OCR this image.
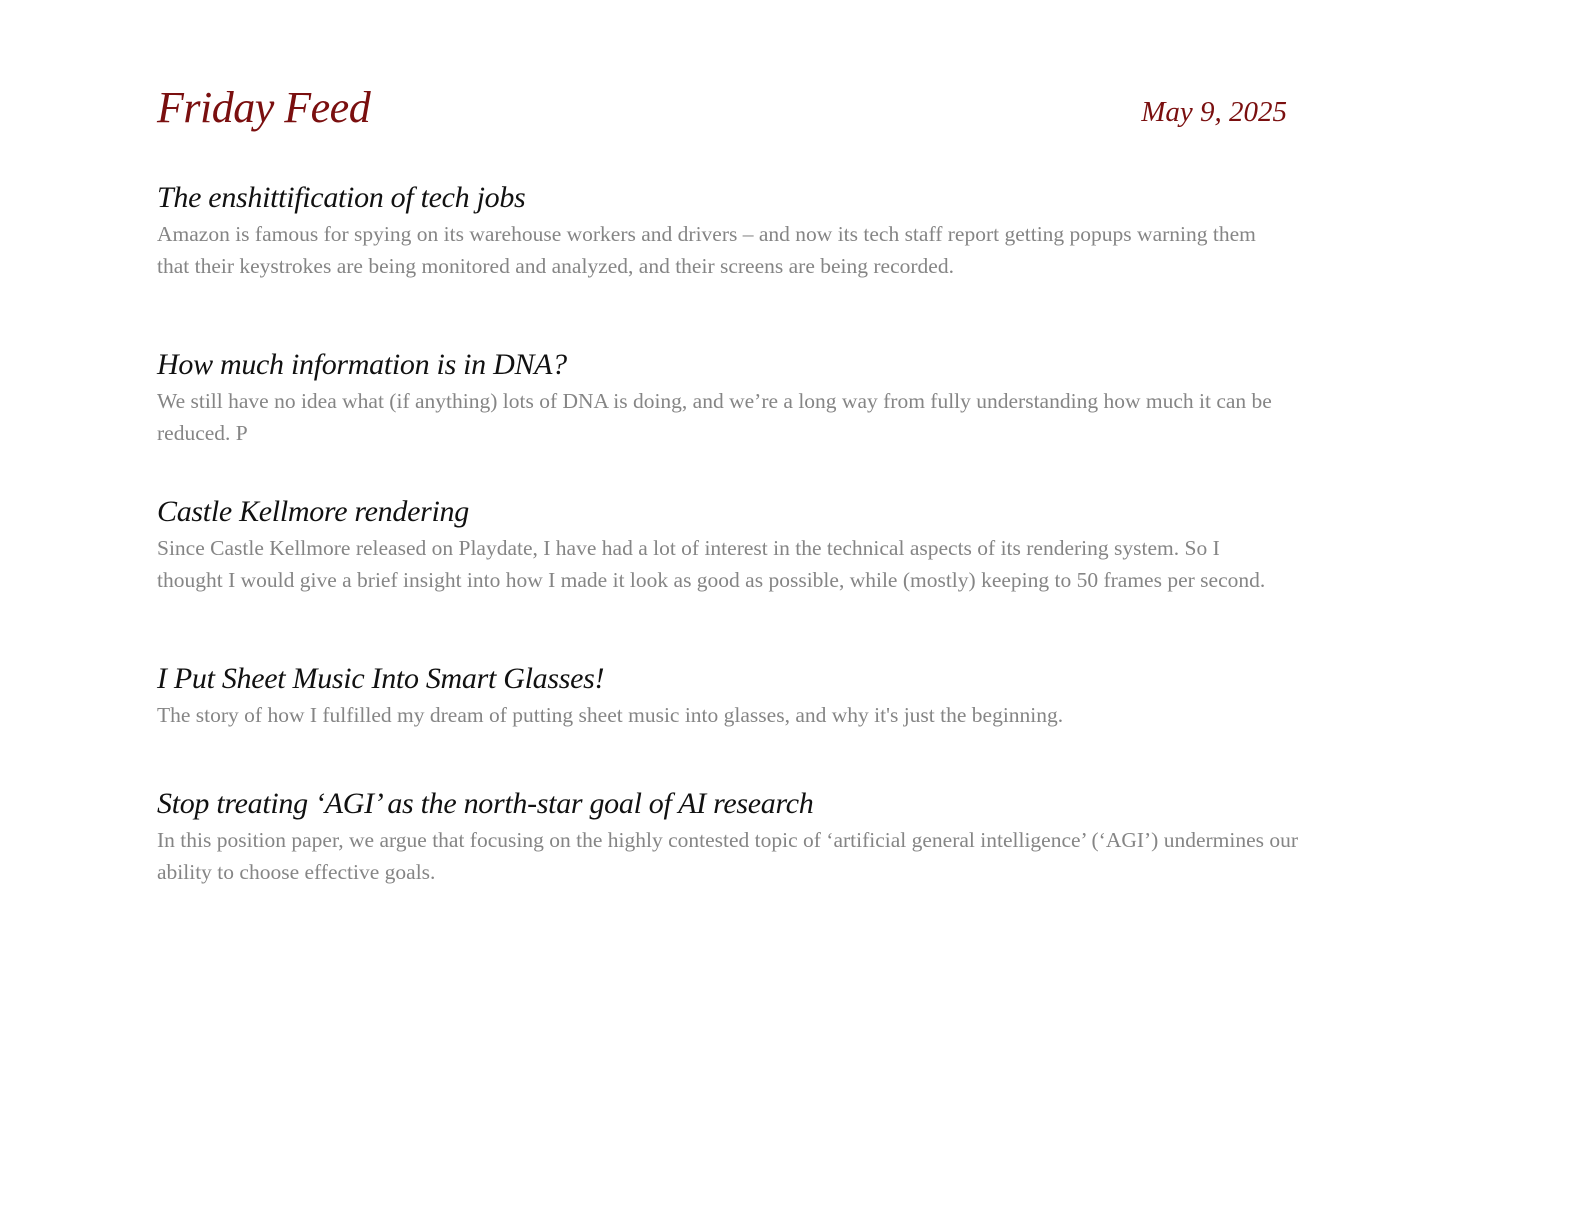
Friday Feed	May 9, 2025
The enshittification of tech jobs

Amazon is famous for spying on its warehouse workers and drivers – and now its tech staff report getting popups warning them that their keystrokes are being monitored and analyzed, and their screens are being recorded.

How much information is in DNA?

We still have no idea what (if anything) lots of DNA is doing, and we’re a long way from fully understanding how much it can be reduced. P

Castle Kellmore rendering

Since Castle Kellmore released on Playdate, I have had a lot of interest in the technical aspects of its rendering system. So I thought I would give a brief insight into how I made it look as good as possible, while (mostly) keeping to 50 frames per second.

I Put Sheet Music Into Smart Glasses!

The story of how I fulfilled my dream of putting sheet music into glasses, and why it's just the beginning.

Stop treating ‘AGI’ as the north-star goal of AI research

In this position paper, we argue that focusing on the highly contested topic of ‘artificial general intelligence’ (‘AGI’) undermines our ability to choose effective goals.
